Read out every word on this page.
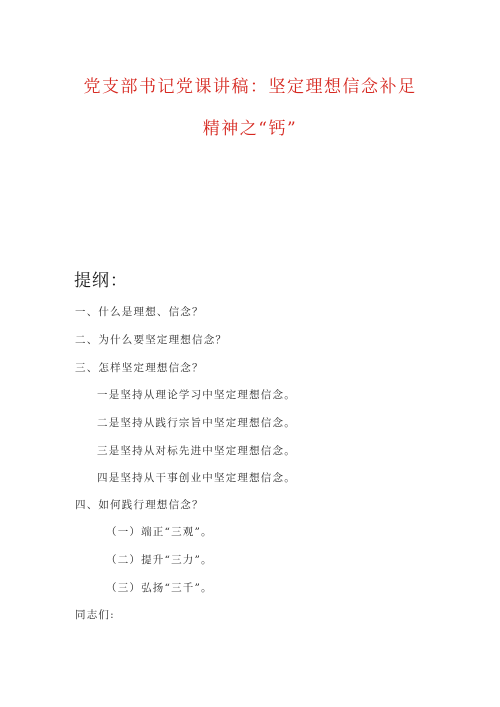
党支部书记党课讲稿：坚定理想信念补足
精神之“钙”
提纲：
一、什么是理想、信念？
二、为什么要坚定理想信念？
三、怎样坚定理想信念？
一是坚持从理论学习中坚定理想信念。
二是坚持从践行宗旨中坚定理想信念。
三是坚持从对标先进中坚定理想信念。
四是坚持从干事创业中坚定理想信念。
四、如何践行理想信念？
（一）端正“三观”。
（二）提升“三力”。
（三）弘扬“三千”。
同志们:
